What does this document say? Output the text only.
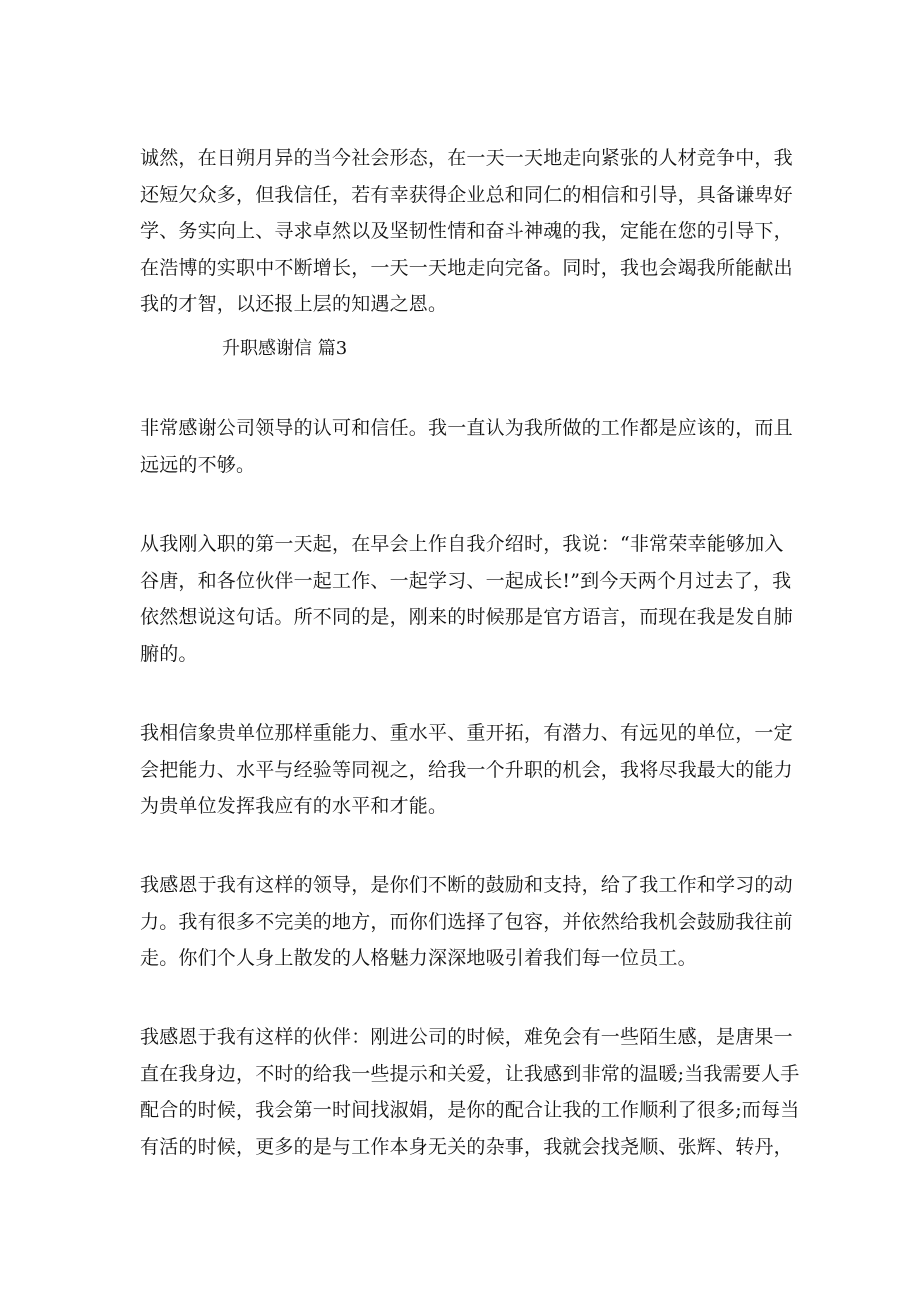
诚然，在日朔月异的当今社会形态，在一天一天地走向紧张的人材竞争中，我
还短欠众多，但我信任，若有幸获得企业总和同仁的相信和引导，具备谦卑好
学、务实向上、寻求卓然以及坚韧性情和奋斗神魂的我，定能在您的引导下，
在浩博的实职中不断增长，一天一天地走向完备。同时，我也会竭我所能献出
我的才智，以还报上层的知遇之恩。

升职感谢信 篇3

非常感谢公司领导的认可和信任。我一直认为我所做的工作都是应该的，而且
远远的不够。

从我刚入职的第一天起，在早会上作自我介绍时，我说：“非常荣幸能够加入
谷唐，和各位伙伴一起工作、一起学习、一起成长!”到今天两个月过去了，我
依然想说这句话。所不同的是，刚来的时候那是官方语言，而现在我是发自肺
腑的。

我相信象贵单位那样重能力、重水平、重开拓，有潜力、有远见的单位，一定
会把能力、水平与经验等同视之，给我一个升职的机会，我将尽我最大的能力
为贵单位发挥我应有的水平和才能。

我感恩于我有这样的领导，是你们不断的鼓励和支持，给了我工作和学习的动
力。我有很多不完美的地方，而你们选择了包容，并依然给我机会鼓励我往前
走。你们个人身上散发的人格魅力深深地吸引着我们每一位员工。

我感恩于我有这样的伙伴：刚进公司的时候，难免会有一些陌生感，是唐果一
直在我身边，不时的给我一些提示和关爱，让我感到非常的温暖;当我需要人手
配合的时候，我会第一时间找淑娟，是你的配合让我的工作顺利了很多;而每当
有活的时候，更多的是与工作本身无关的杂事，我就会找尧顺、张辉、转丹，
